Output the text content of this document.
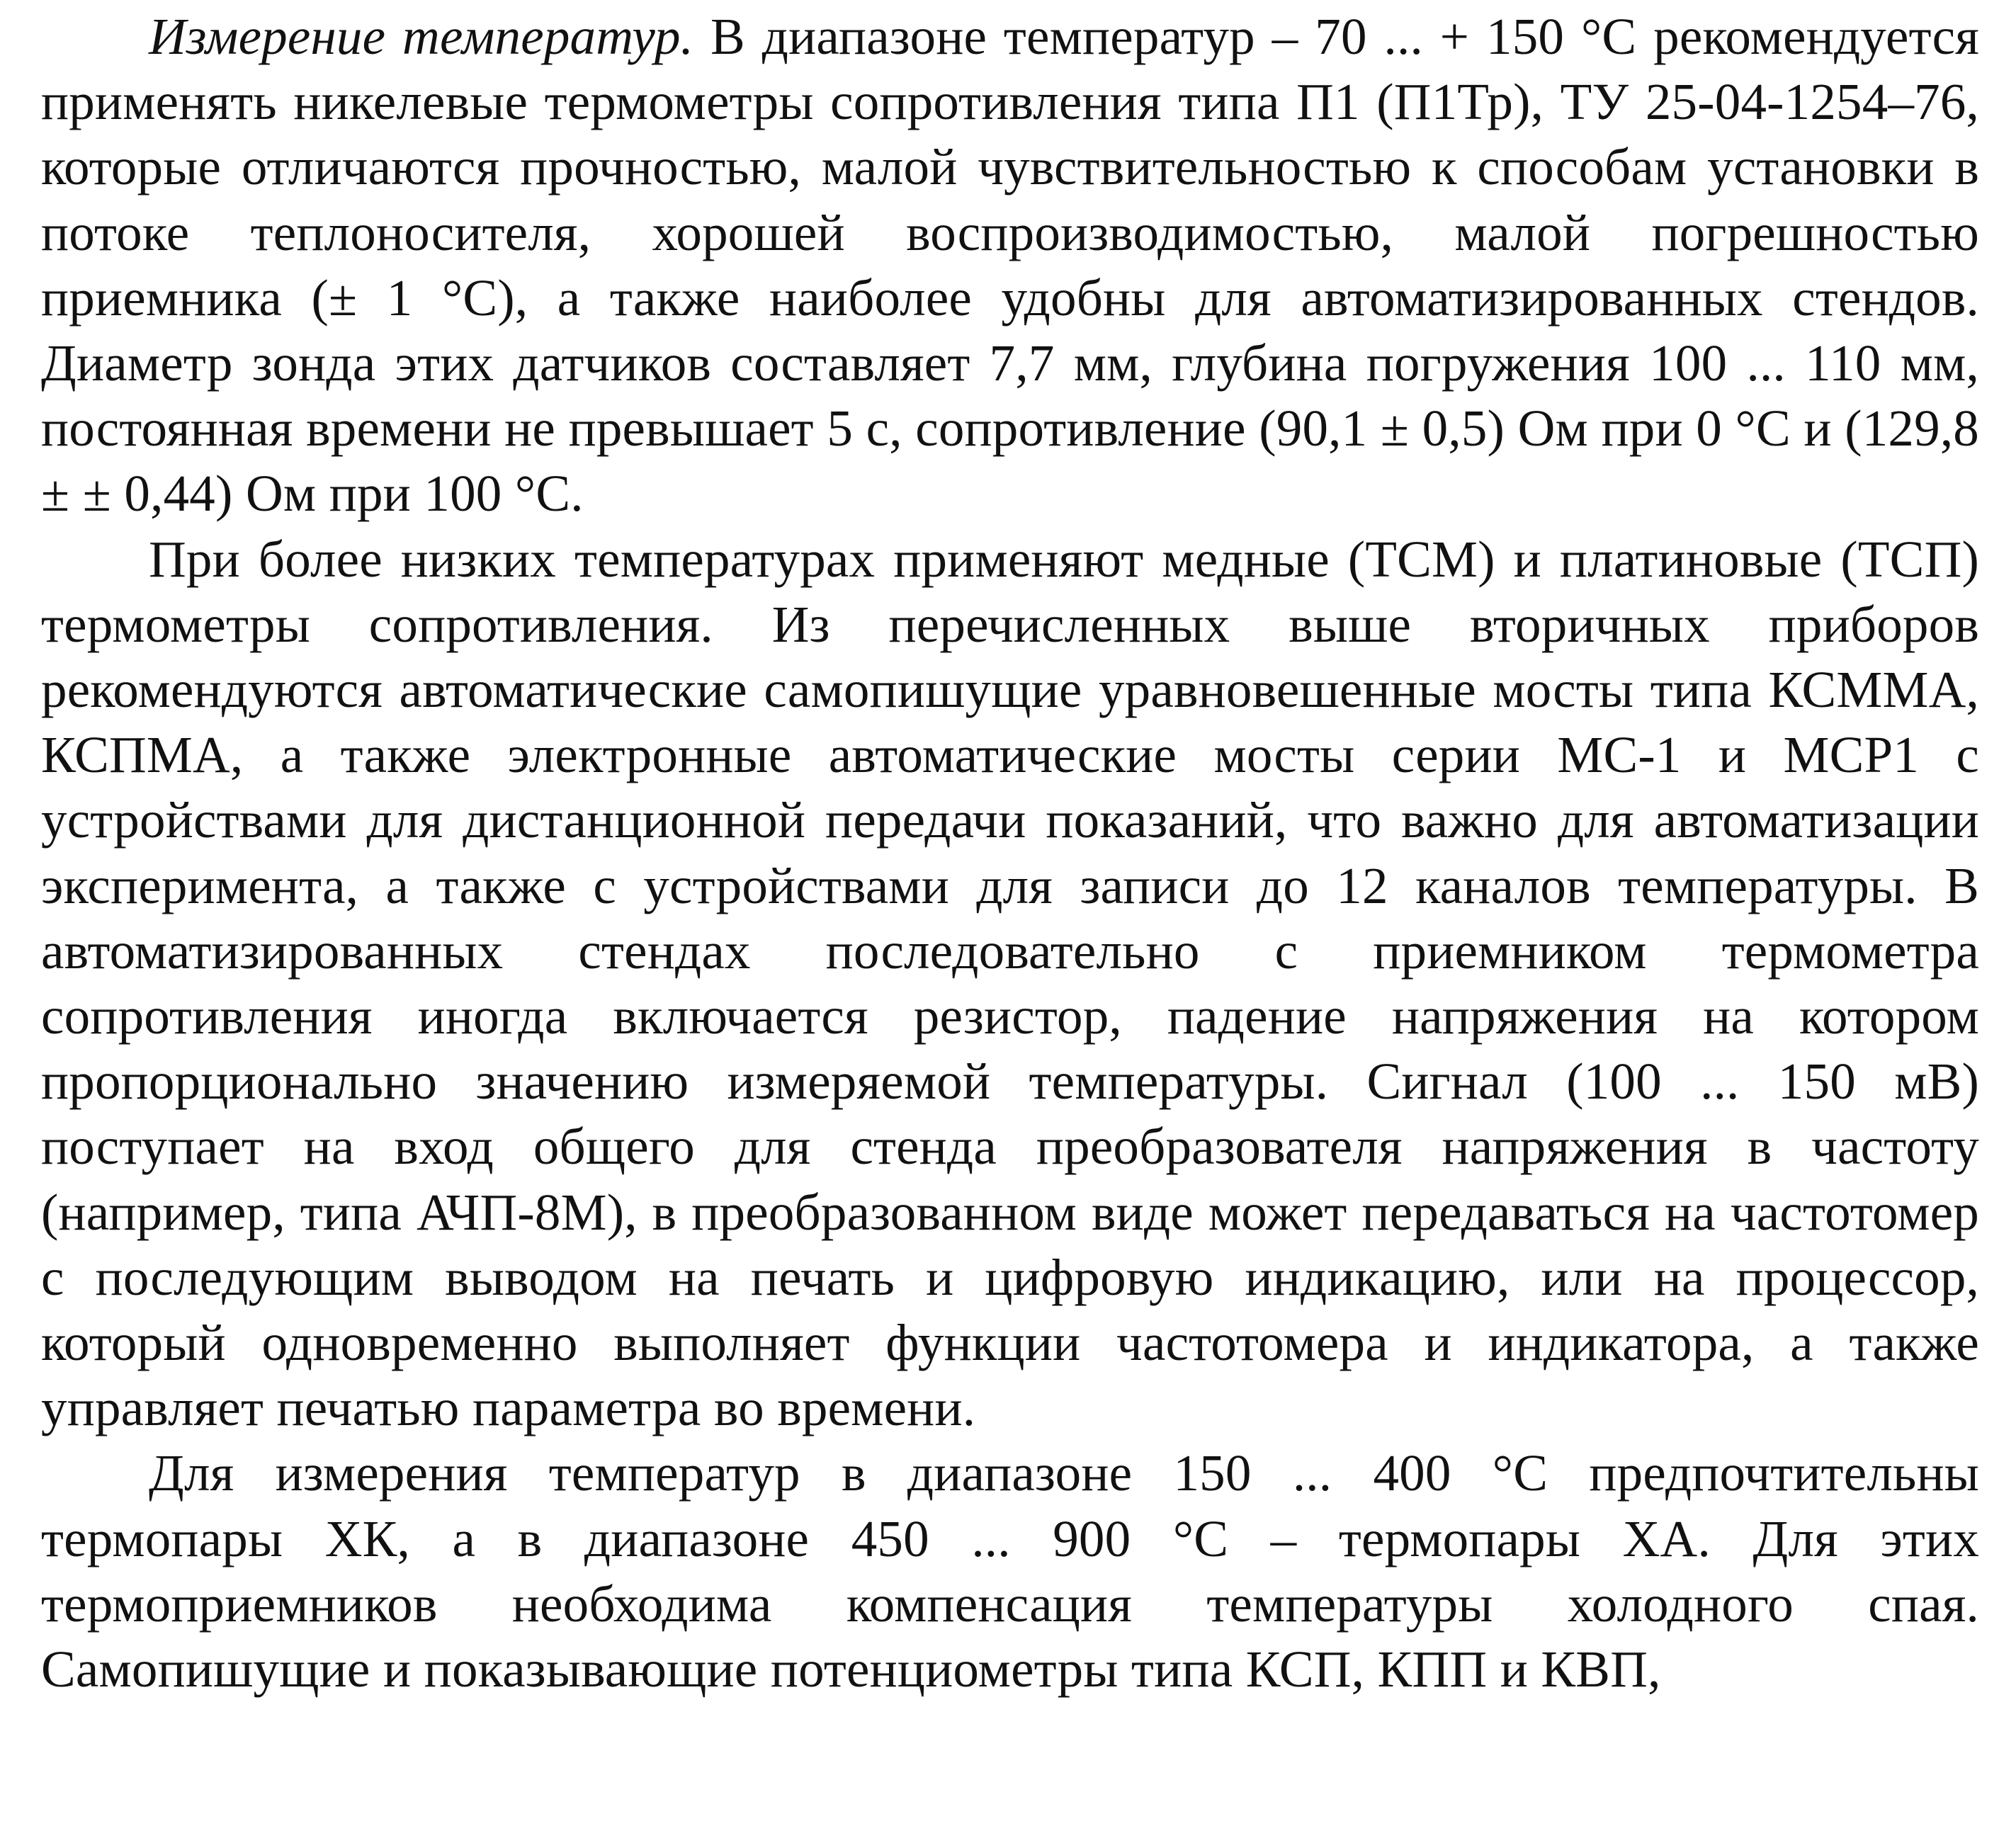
Измерение температур. В диапазоне температур – 70 ... + 150 °С рекомендуется применять никелевые термометры сопротивления типа П1 (П1Тр), ТУ 25-04-1254–76, которые отличаются прочностью, малой чувствительностью к способам установки в потоке теплоносителя, хорошей воспроизводимостью, малой погрешностью приемника (± 1 °С), а также наиболее удобны для автоматизированных стендов. Диаметр зонда этих датчиков составляет 7,7 мм, глубина погружения 100 ... 110 мм, постоянная времени не превышает 5 с, сопротивление (90,1 ± 0,5) Ом при 0 °С и (129,8 ± ± 0,44) Ом при 100 °С.

При более низких температурах применяют медные (ТСМ) и платиновые (ТСП) термометры сопротивления. Из перечисленных выше вторичных приборов рекомендуются автоматические самопишущие уравновешенные мосты типа КСММА, КСПМА, а также электронные автоматические мосты серии МС-1 и МСР1 с устройствами для дистанционной передачи показаний, что важно для автоматизации эксперимента, а также с устройствами для записи до 12 каналов температуры. В автоматизированных стендах последовательно с приемником термометра сопротивления иногда включается резистор, падение напряжения на котором пропорционально значению измеряемой температуры. Сигнал (100 ... 150 мВ) поступает на вход общего для стенда преобразователя напряжения в частоту (например, типа АЧП-8М), в преобразованном виде может передаваться на частотомер с последующим выводом на печать и цифровую индикацию, или на процессор, который одновременно выполняет функции частотомера и индикатора, а также управляет печатью параметра во времени.

Для измерения температур в диапазоне 150 ... 400 °С предпочтительны термопары ХК, а в диапазоне 450 ... 900 °С – термопары ХА. Для этих термоприемников необходима компенсация температуры холодного спая. Самопишущие и показывающие потенциометры типа КСП, КПП и КВП,
